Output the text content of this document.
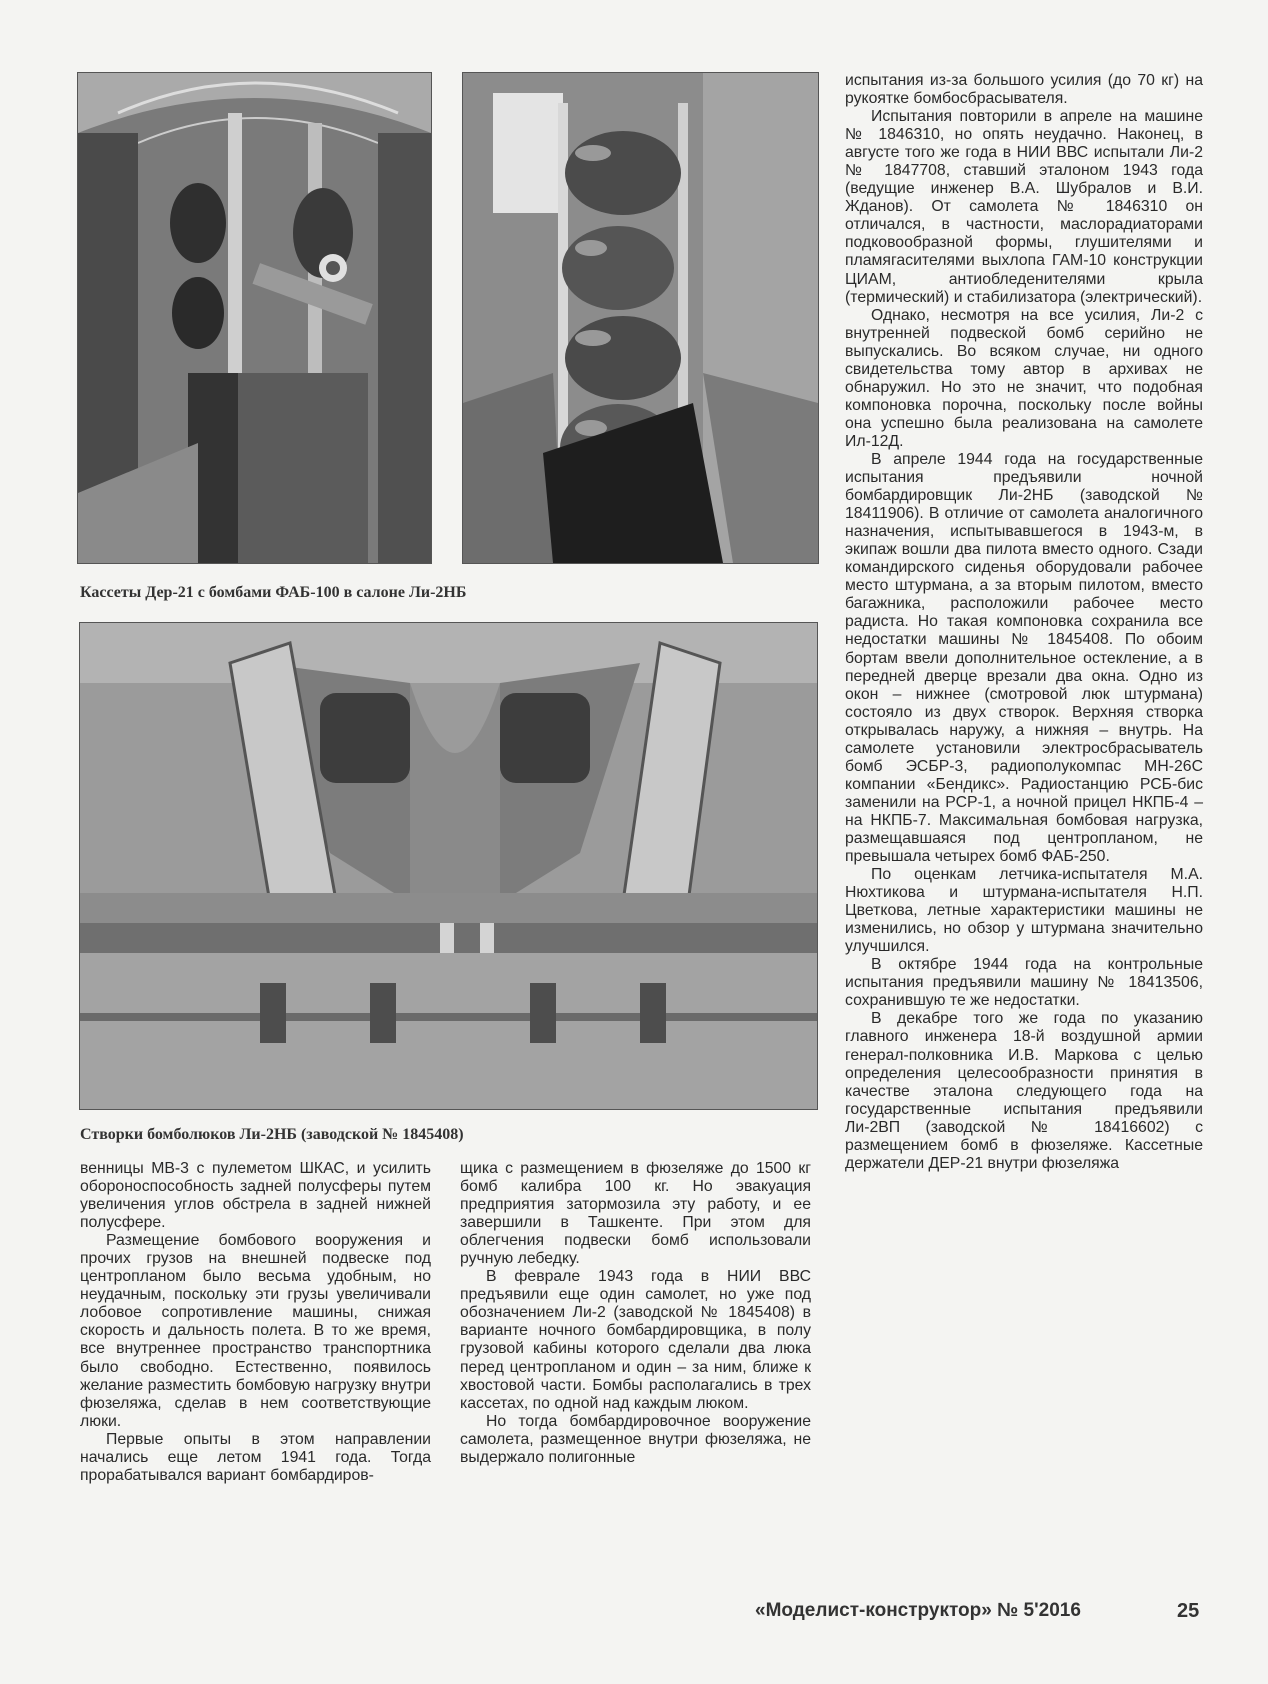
Кассеты Дер-21 с бомбами ФАБ-100 в салоне Ли-2НБ

Створки бомболюков Ли-2НБ (заводской № 1845408)

венницы МВ-3 с пулеметом ШКАС, и усилить обороноспособность задней полусферы путем увеличения углов обстрела в задней нижней полусфере.

Размещение бомбового вооружения и прочих грузов на внешней подвеске под центропланом было весьма удобным, но неудачным, поскольку эти грузы увеличивали лобовое сопротивление машины, снижая скорость и дальность полета. В то же время, все внутреннее пространство транспортника было свободно. Естественно, появилось желание разместить бомбовую нагрузку внутри фюзеляжа, сделав в нем соответствующие люки.

Первые опыты в этом направлении начались еще летом 1941 года. Тогда прорабатывался вариант бомбардиров-

щика с размещением в фюзеляже до 1500 кг бомб калибра 100 кг. Но эвакуация предприятия затормозила эту работу, и ее завершили в Ташкенте. При этом для облегчения подвески бомб использовали ручную лебедку.

В феврале 1943 года в НИИ ВВС предъявили еще один самолет, но уже под обозначением Ли-2 (заводской № 1845408) в варианте ночного бомбардировщика, в полу грузовой кабины которого сделали два люка перед центропланом и один – за ним, ближе к хвостовой части. Бомбы располагались в трех кассетах, по одной над каждым люком.

Но тогда бомбардировочное вооружение самолета, размещенное внутри фюзеляжа, не выдержало полигонные

испытания из-за большого усилия (до 70 кг) на рукоятке бомбосбрасывателя.

Испытания повторили в апреле на машине № 1846310, но опять неудачно. Наконец, в августе того же года в НИИ ВВС испытали Ли-2 № 1847708, ставший эталоном 1943 года (ведущие инженер В.А. Шубралов и В.И. Жданов). От самолета № 1846310 он отличался, в частности, маслорадиаторами подковообразной формы, глушителями и пламягасителями выхлопа ГАМ-10 конструкции ЦИАМ, антиобледенителями крыла (термический) и стабилизатора (электрический).

Однако, несмотря на все усилия, Ли-2 с внутренней подвеской бомб серийно не выпускались. Во всяком случае, ни одного свидетельства тому автор в архивах не обнаружил. Но это не значит, что подобная компоновка порочна, поскольку после войны она успешно была реализована на самолете Ил-12Д.

В апреле 1944 года на государственные испытания предъявили ночной бомбардировщик Ли-2НБ (заводской № 18411906). В отличие от самолета аналогичного назначения, испытывавшегося в 1943-м, в экипаж вошли два пилота вместо одного. Сзади командирского сиденья оборудовали рабочее место штурмана, а за вторым пилотом, вместо багажника, расположили рабочее место радиста. Но такая компоновка сохранила все недостатки машины № 1845408. По обоим бортам ввели дополнительное остекление, а в передней дверце врезали два окна. Одно из окон – нижнее (смотровой люк штурмана) состояло из двух створок. Верхняя створка открывалась наружу, а нижняя – внутрь. На самолете установили электросбрасыватель бомб ЭСБР-3, радиополукомпас МН-26С компании «Бендикс». Радиостанцию РСБ-бис заменили на РСР-1, а ночной прицел НКПБ-4 – на НКПБ-7. Максимальная бомбовая нагрузка, размещавшаяся под центропланом, не превышала четырех бомб ФАБ-250.

По оценкам летчика-испытателя М.А. Нюхтикова и штурмана-испытателя Н.П. Цветкова, летные характеристики машины не изменились, но обзор у штурмана значительно улучшился.

В октябре 1944 года на контрольные испытания предъявили машину № 18413506, сохранившую те же недостатки.

В декабре того же года по указанию главного инженера 18-й воздушной армии генерал-полковника И.В. Маркова с целью определения целесообразности принятия в качестве эталона следующего года на государственные испытания предъявили Ли-2ВП (заводской № 18416602) с размещением бомб в фюзеляже. Кассетные держатели ДЕР-21 внутри фюзеляжа

«Моделист-конструктор» № 5'2016	25
